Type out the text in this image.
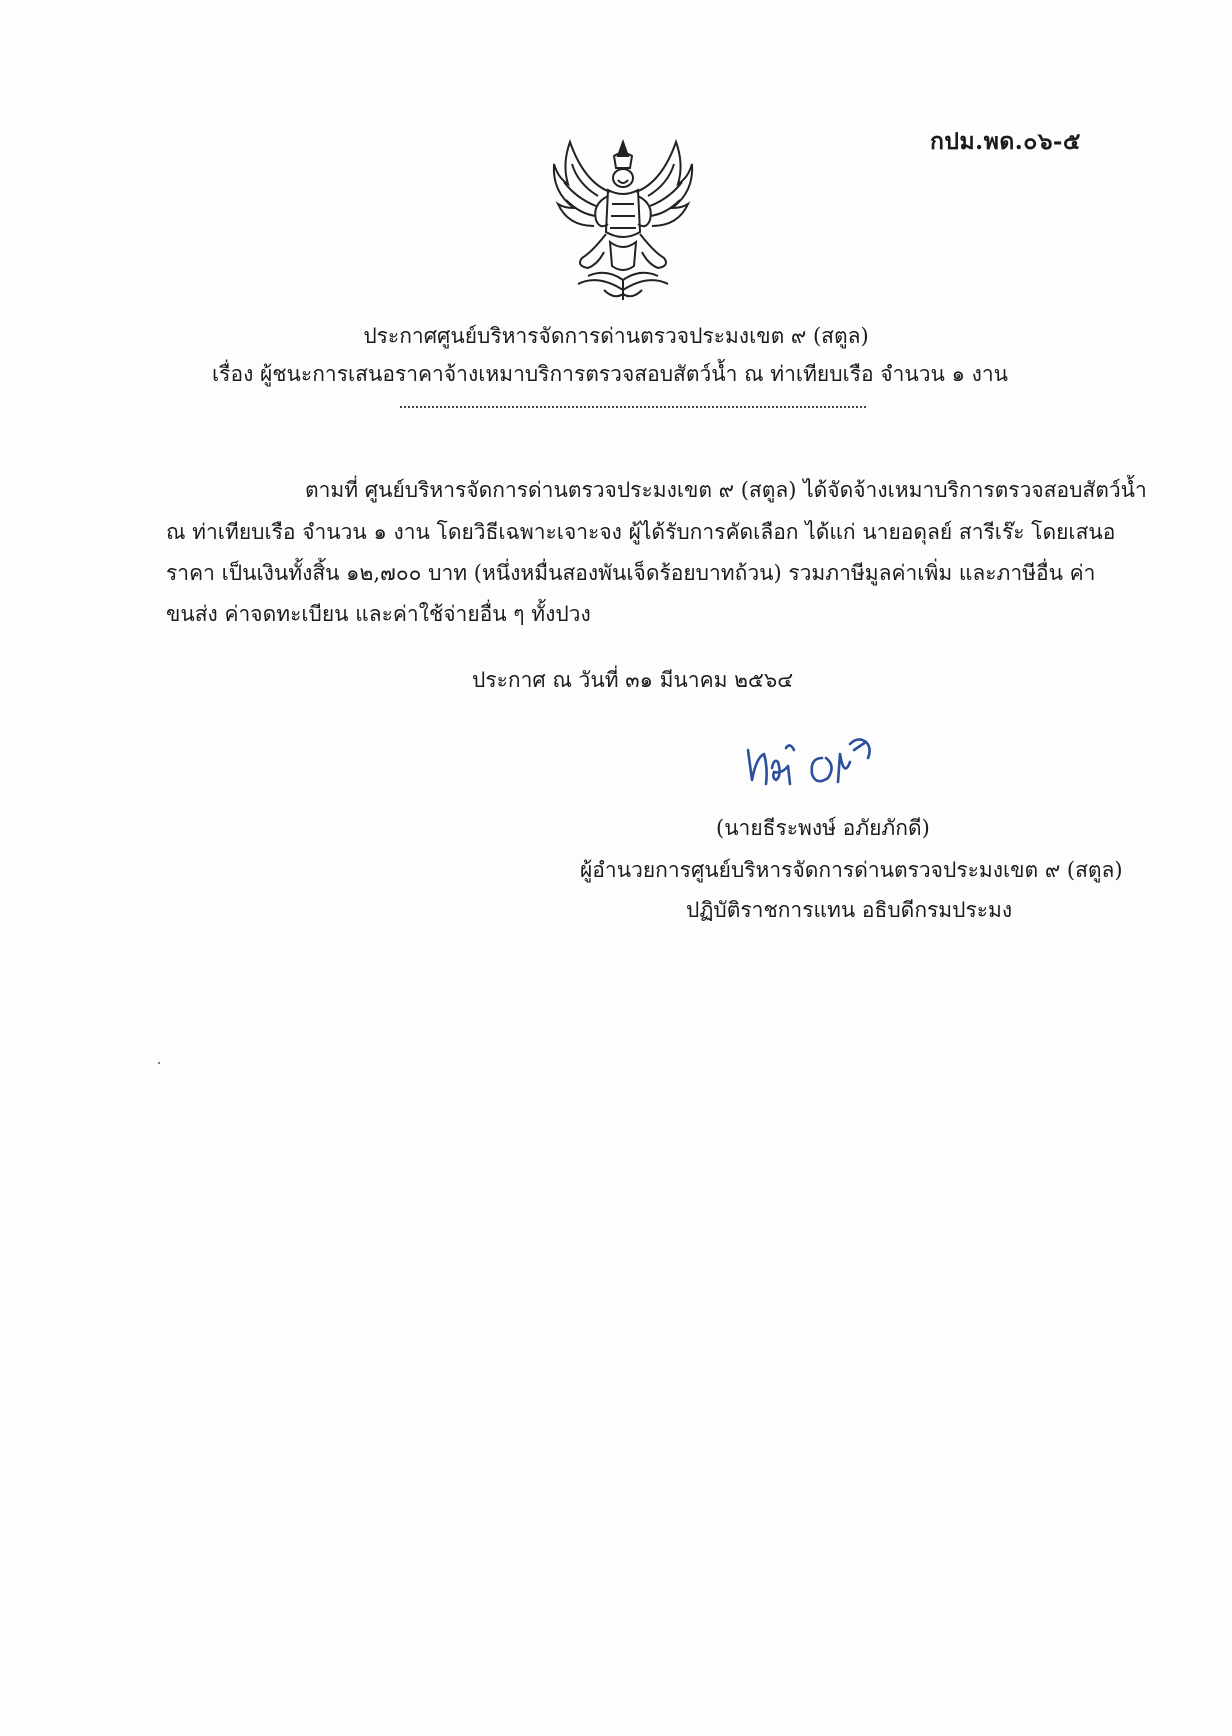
กปม.พด.๐๖-๕
ประกาศศูนย์บริหารจัดการด่านตรวจประมงเขต ๙ (สตูล)
เรื่อง ผู้ชนะการเสนอราคาจ้างเหมาบริการตรวจสอบสัตว์น้ำ ณ ท่าเทียบเรือ จำนวน ๑ งาน
ตามที่ ศูนย์บริหารจัดการด่านตรวจประมงเขต ๙ (สตูล) ได้จัดจ้างเหมาบริการตรวจสอบสัตว์น้ำ
ณ ท่าเทียบเรือ จำนวน ๑ งาน โดยวิธีเฉพาะเจาะจง ผู้ได้รับการคัดเลือก ได้แก่ นายอดุลย์ สารีเร๊ะ โดยเสนอ
ราคา เป็นเงินทั้งสิ้น ๑๒,๗๐๐ บาท (หนึ่งหมื่นสองพันเจ็ดร้อยบาทถ้วน) รวมภาษีมูลค่าเพิ่ม และภาษีอื่น ค่า
ขนส่ง ค่าจดทะเบียน และค่าใช้จ่ายอื่น ๆ ทั้งปวง
ประกาศ ณ วันที่ ๓๑ มีนาคม ๒๕๖๔
(นายธีระพงษ์ อภัยภักดี)
ผู้อำนวยการศูนย์บริหารจัดการด่านตรวจประมงเขต ๙ (สตูล)
ปฏิบัติราชการแทน อธิบดีกรมประมง
